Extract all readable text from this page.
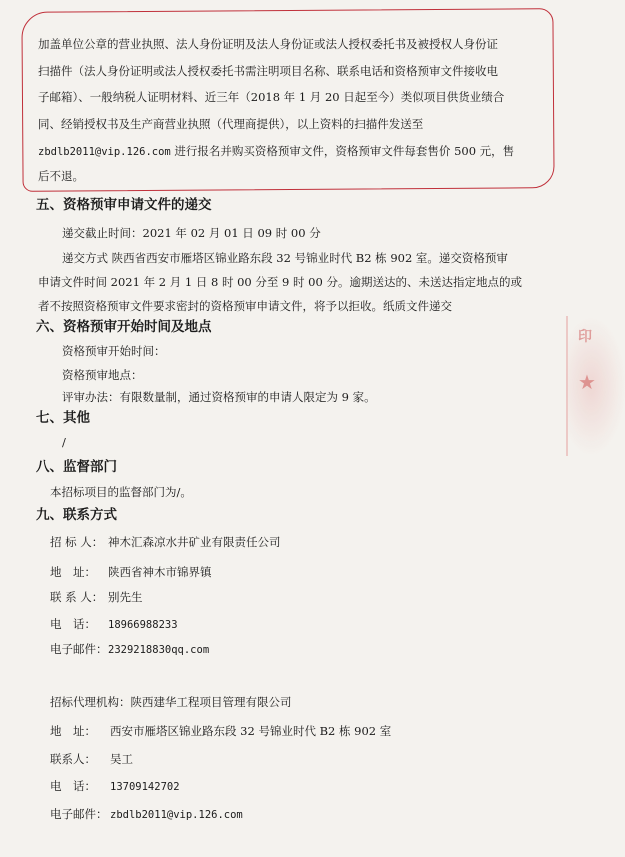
印
★
加盖单位公章的营业执照、法人身份证明及法人身份证或法人授权委托书及被授权人身份证
扫描件（法人身份证明或法人授权委托书需注明项目名称、联系电话和资格预审文件接收电
子邮箱）、一般纳税人证明材料、近三年（2018 年 1 月 20 日起至今）类似项目供货业绩合
同、经销授权书及生产商营业执照（代理商提供），以上资料的扫描件发送至
zbdlb2011@vip.126.com 进行报名并购买资格预审文件，资格预审文件每套售价 500 元，售
后不退。
五、资格预审申请文件的递交
递交截止时间：2021 年 02 月 01 日 09 时 00 分
递交方式 陕西省西安市雁塔区锦业路东段 32 号锦业时代 B2 栋 902 室。递交资格预审
申请文件时间 2021 年 2 月 1 日 8 时 00 分至 9 时 00 分。逾期送达的、未送达指定地点的或
者不按照资格预审文件要求密封的资格预审申请文件，将予以拒收。纸质文件递交
六、资格预审开始时间及地点
资格预审开始时间：
资格预审地点：
评审办法：有限数量制，通过资格预审的申请人限定为 9 家。
七、其他
/
八、监督部门
本招标项目的监督部门为/。
九、联系方式
招 标 人： 神木汇森凉水井矿业有限责任公司
地　址： 陕西省神木市锦界镇
联 系 人： 别先生
电　话： 18966988233
电子邮件：2329218830qq.com
招标代理机构：陕西建华工程项目管理有限公司
地　址： 西安市雁塔区锦业路东段 32 号锦业时代 B2 栋 902 室
联系人： 吴工
电　话： 13709142702
电子邮件： zbdlb2011@vip.126.com
